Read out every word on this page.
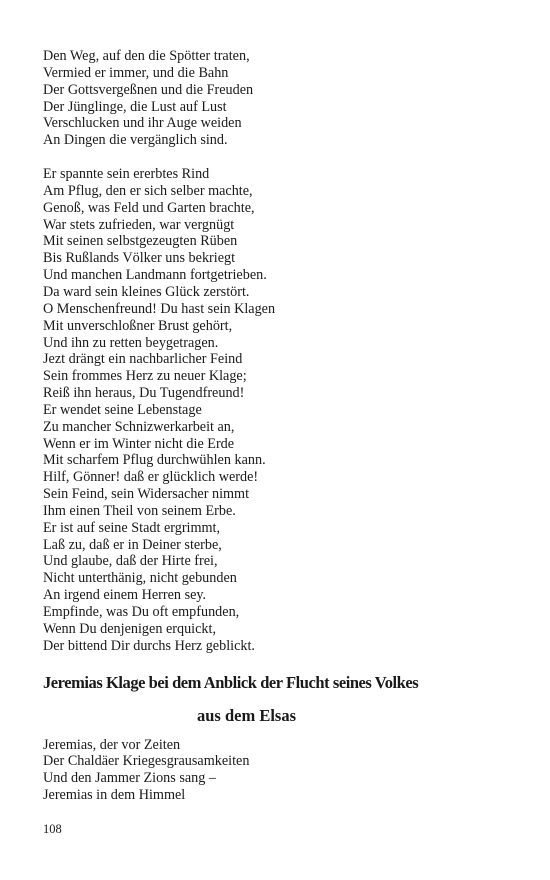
Den Weg, auf den die Spötter traten,
Vermied er immer, und die Bahn
Der Gottsvergeßnen und die Freuden
Der Jünglinge, die Lust auf Lust
Verschlucken und ihr Auge weiden
An Dingen die vergänglich sind.
Er spannte sein ererbtes Rind
Am Pflug, den er sich selber machte,
Genoß, was Feld und Garten brachte,
War stets zufrieden, war vergnügt
Mit seinen selbstgezeugten Rüben
Bis Rußlands Völker uns bekriegt
Und manchen Landmann fortgetrieben.
Da ward sein kleines Glück zerstört.
O Menschenfreund! Du hast sein Klagen
Mit unverschloßner Brust gehört,
Und ihn zu retten beygetragen.
Jezt drängt ein nachbarlicher Feind
Sein frommes Herz zu neuer Klage;
Reiß ihn heraus, Du Tugendfreund!
Er wendet seine Lebenstage
Zu mancher Schnizwerkarbeit an,
Wenn er im Winter nicht die Erde
Mit scharfem Pflug durchwühlen kann.
Hilf, Gönner! daß er glücklich werde!
Sein Feind, sein Widersacher nimmt
Ihm einen Theil von seinem Erbe.
Er ist auf seine Stadt ergrimmt,
Laß zu, daß er in Deiner sterbe,
Und glaube, daß der Hirte frei,
Nicht unterthänig, nicht gebunden
An irgend einem Herren sey.
Empfinde, was Du oft empfunden,
Wenn Du denjenigen erquickt,
Der bittend Dir durchs Herz geblickt.
Jeremias Klage bei dem Anblick der Flucht seines Volkes
aus dem Elsas
Jeremias, der vor Zeiten
Der Chaldäer Kriegesgrausamkeiten
Und den Jammer Zions sang –
Jeremias in dem Himmel
108
